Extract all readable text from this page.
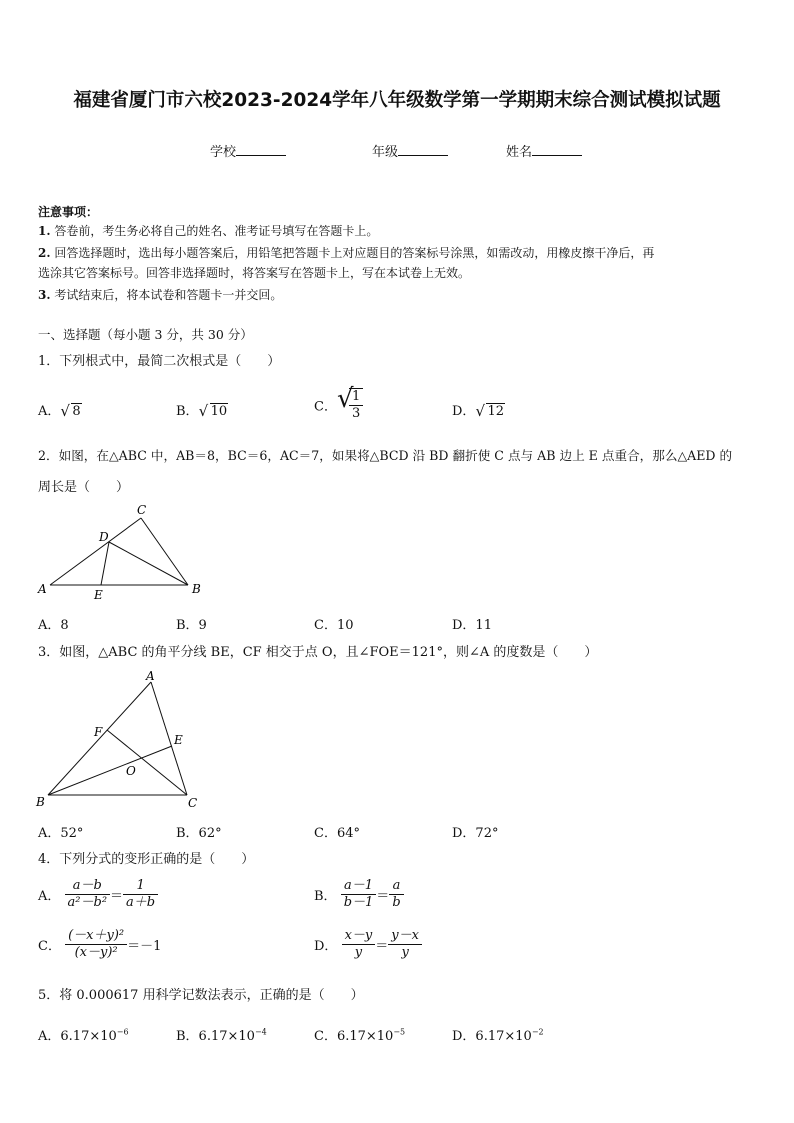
福建省厦门市六校2023-2024学年八年级数学第一学期期末综合测试模拟试题
学校	年级	姓名
注意事项：
1. 答卷前，考生务必将自己的姓名、准考证号填写在答题卡上。
2. 回答选择题时，选出每小题答案后，用铅笔把答题卡上对应题目的答案标号涂黑，如需改动，用橡皮擦干净后，再
选涂其它答案标号。回答非选择题时，将答案写在答题卡上，写在本试卷上无效。
3. 考试结束后，将本试卷和答题卡一并交回。
一、选择题（每小题 3 分，共 30 分）
1．下列根式中，最简二次根式是（　　）
A． √ 8	B． √ 10	C． √
$\frac{1}{3}$	D． √ 12
2．如图，在△ABC 中，AB＝8，BC＝6，AC＝7，如果将△BCD 沿 BD 翻折使 C 点与 AB 边上 E 点重合，那么△AED 的
周长是（　　）
A	B
C
D
E
A．8	B．9	C．10	D．11
3．如图，△ABC 的角平分线 BE，CF 相交于点 O，且∠FOE＝121°，则∠A 的度数是（　　）
A
B	C
E
F
O
A．52°	B．62°	C．64°	D．72°
4．下列分式的变形正确的是（　　）
A． $\frac{a-b}{\text{a²－b²}} = \frac{1}{a+b}$	B． $\frac{a-1}{b-1} = \frac{a}{b}$
C． $\frac{\text{(－x＋y)²}}{\text{(x－y)²}} =-1$	D． $\frac{x-y}{y} = \frac{y-x}{y}$
5．将 0.000617 用科学记数法表示，正确的是（　　）
A．$6.17\times 10^{-6}$	B．$6.17\times 10^{-4}$	C．$6.17\times 10^{-5}$	D．$6.17\times 10^{-2}$
